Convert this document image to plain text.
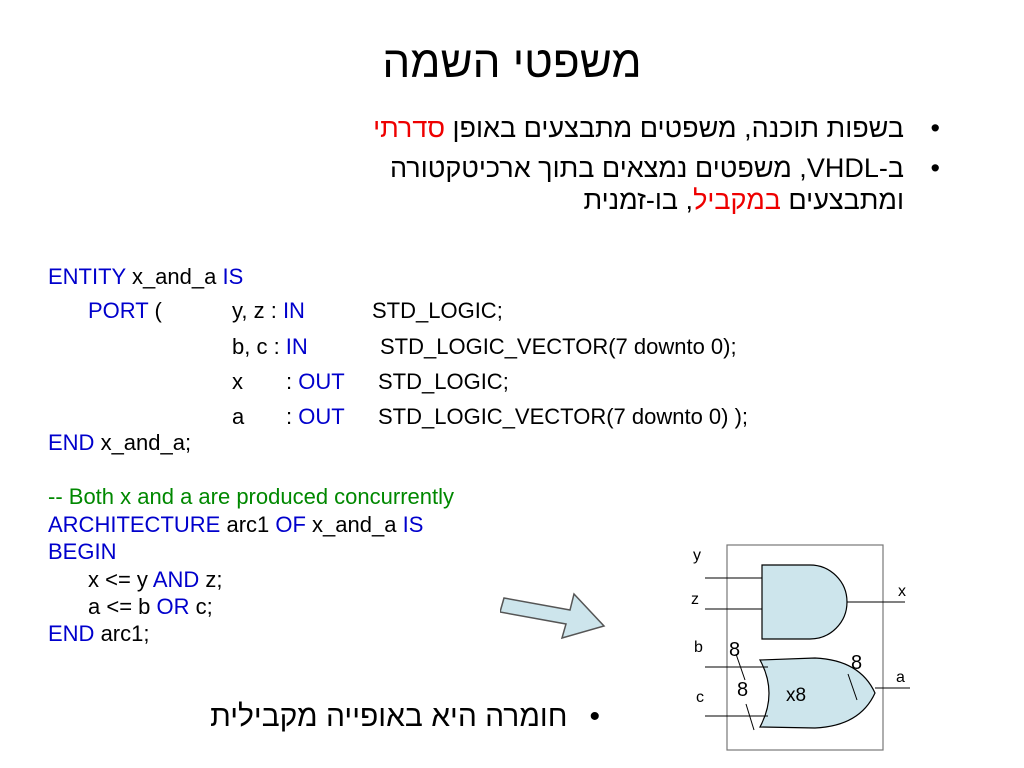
משפטי השמה
•
בשפות תוכנה, משפטים מתבצעים באופן סדרתי
•
ב-VHDL, משפטים נמצאים בתוך ארכיטקטורה
ומתבצעים במקביל, בו-זמנית
ENTITY x_and_a IS
PORT (	y, z : IN	STD_LOGIC;
b, c : IN	STD_LOGIC_VECTOR(7 downto 0);
x : OUT STD_LOGIC;
a : OUT STD_LOGIC_VECTOR(7 downto 0) );
END x_and_a;
-- Both x and a are produced concurrently
ARCHITECTURE arc1 OF x_and_a IS
BEGIN
x <= y AND z;
a <= b OR c;
END arc1;
y
z
b
c
x
a
8
8
8
x8
•חומרה היא באופייה מקבילית
